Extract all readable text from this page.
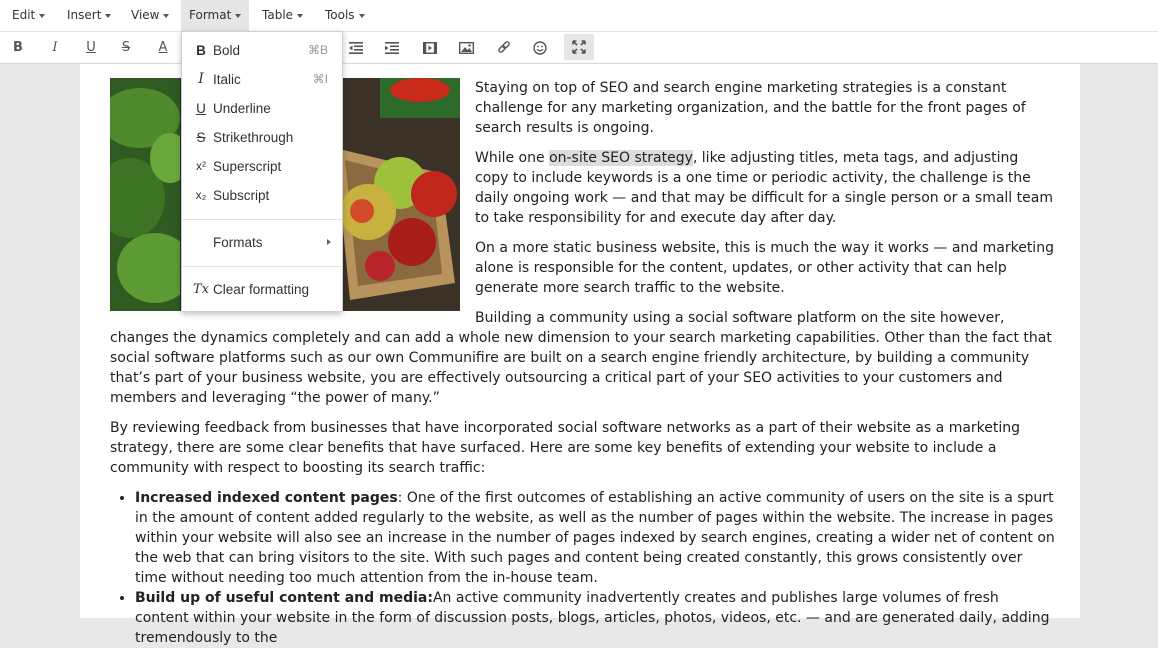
Edit	Insert	View	Format	Table	Tools
B	I	U	S	A

Staying on top of SEO and search engine marketing strategies is a constant challenge for any marketing organization, and the battle for the front pages of search results is ongoing.

While one on-site SEO strategy, like adjusting titles, meta tags, and adjusting copy to include keywords is a one time or periodic activity, the challenge is the daily ongoing work — and that may be difficult for a single person or a small team to take responsibility for and execute day after day.

On a more static business website, this is much the way it works — and marketing alone is responsible for the content, updates, or other activity that can help generate more search traffic to the website.

Building a community using a social software platform on the site however, changes the dynamics completely and can add a whole new dimension to your search marketing capabilities. Other than the fact that social software platforms such as our own Communifire are built on a search engine friendly architecture, by building a community that’s part of your business website, you are effectively outsourcing a critical part of your SEO activities to your customers and members and leveraging “the power of many.”

By reviewing feedback from businesses that have incorporated social software networks as a part of their website as a marketing strategy, there are some clear benefits that have surfaced. Here are some key benefits of extending your website to include a community with respect to boosting its search traffic:

• Increased indexed content pages: One of the first outcomes of establishing an active community of users on the site is a spurt in the amount of content added regularly to the website, as well as the number of pages within the website. The increase in pages within your website will also see an increase in the number of pages indexed by search engines, creating a wider net of content on the web that can bring visitors to the site. With such pages and content being created constantly, this grows consistently over time without needing too much attention from the in-house team.
• Build up of useful content and media:An active community inadvertently creates and publishes large volumes of fresh content within your website in the form of discussion posts, blogs, articles, photos, videos, etc. — and are generated daily, adding tremendously to the
B Bold	⌘B
I Italic	⌘I
U Underline
S Strikethrough
x² Superscript
x₂ Subscript
Formats
Tx Clear formatting
